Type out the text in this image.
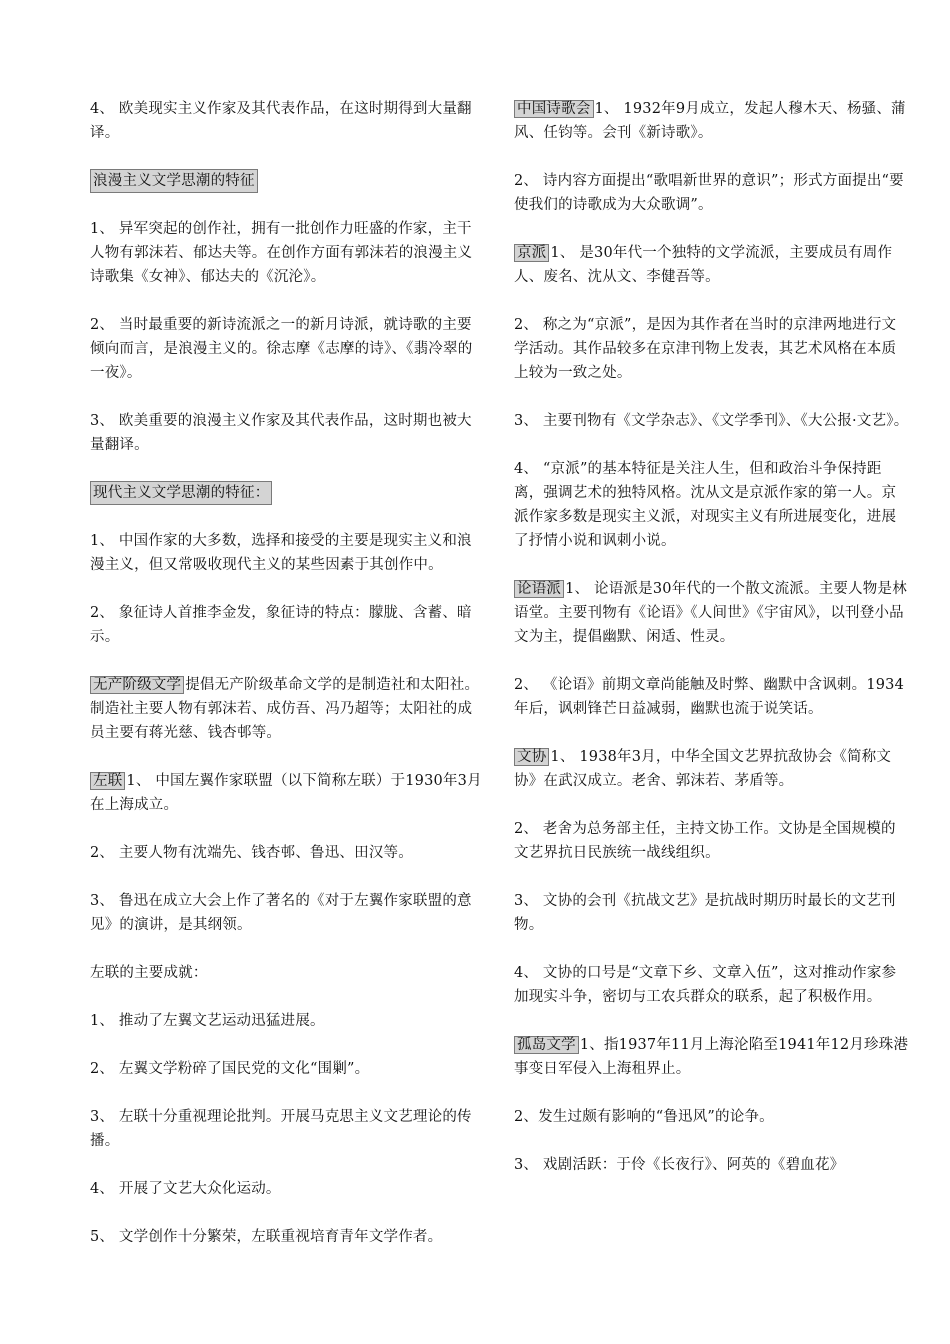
4、 欧美现实主义作家及其代表作品，在这时期得到大量翻译。

浪漫主义文学思潮的特征

1、 异军突起的创作社，拥有一批创作力旺盛的作家，主干人物有郭沫若、郁达夫等。在创作方面有郭沫若的浪漫主义诗歌集《女神》、郁达夫的《沉沦》。

2、 当时最重要的新诗流派之一的新月诗派，就诗歌的主要倾向而言，是浪漫主义的。徐志摩《志摩的诗》、《翡冷翠的一夜》。

3、 欧美重要的浪漫主义作家及其代表作品，这时期也被大量翻译。

现代主义文学思潮的特征：

1、 中国作家的大多数，选择和接受的主要是现实主义和浪漫主义，但又常吸收现代主义的某些因素于其创作中。

2、 象征诗人首推李金发，象征诗的特点：朦胧、含蓄、暗示。

无产阶级文学 提倡无产阶级革命文学的是制造社和太阳社。制造社主要人物有郭沫若、成仿吾、冯乃超等；太阳社的成员主要有蒋光慈、钱杏邨等。

左联 1、 中国左翼作家联盟（以下简称左联）于1930年3月在上海成立。

2、 主要人物有沈端先、钱杏邨、鲁迅、田汉等。

3、 鲁迅在成立大会上作了著名的《对于左翼作家联盟的意见》的演讲，是其纲领。

左联的主要成就：

1、 推动了左翼文艺运动迅猛进展。

2、 左翼文学粉碎了国民党的文化“围剿”。

3、 左联十分重视理论批判。开展马克思主义文艺理论的传播。

4、 开展了文艺大众化运动。

5、 文学创作十分繁荣，左联重视培育青年文学作者。

中国诗歌会 1、 1932年9月成立，发起人穆木天、杨骚、蒲风、任钧等。会刊《新诗歌》。

2、 诗内容方面提出“歌唱新世界的意识”；形式方面提出“要使我们的诗歌成为大众歌调”。

京派 1、 是30年代一个独特的文学流派，主要成员有周作人、废名、沈从文、李健吾等。

2、 称之为“京派”，是因为其作者在当时的京津两地进行文学活动。其作品较多在京津刊物上发表，其艺术风格在本质上较为一致之处。

3、 主要刊物有《文学杂志》、《文学季刊》、《大公报·文艺》。

4、 “京派”的基本特征是关注人生，但和政治斗争保持距离，强调艺术的独特风格。沈从文是京派作家的第一人。京派作家多数是现实主义派，对现实主义有所进展变化，进展了抒情小说和讽刺小说。

论语派 1、 论语派是30年代的一个散文流派。主要人物是林语堂。主要刊物有《论语》《人间世》《宇宙风》，以刊登小品文为主，提倡幽默、闲适、性灵。

2、 《论语》前期文章尚能触及时弊、幽默中含讽刺。1934年后，讽刺锋芒日益减弱，幽默也流于说笑话。

文协 1、 1938年3月，中华全国文艺界抗敌协会《简称文协》在武汉成立。老舍、郭沫若、茅盾等。

2、 老舍为总务部主任，主持文协工作。文协是全国规模的文艺界抗日民族统一战线组织。

3、 文协的会刊《抗战文艺》是抗战时期历时最长的文艺刊物。

4、 文协的口号是“文章下乡、文章入伍”，这对推动作家参加现实斗争，密切与工农兵群众的联系，起了积极作用。

孤岛文学 1、指1937年11月上海沦陷至1941年12月珍珠港事变日军侵入上海租界止。

2、发生过颇有影响的“鲁迅风”的论争。

3、 戏剧活跃：于伶《长夜行》、阿英的《碧血花》
